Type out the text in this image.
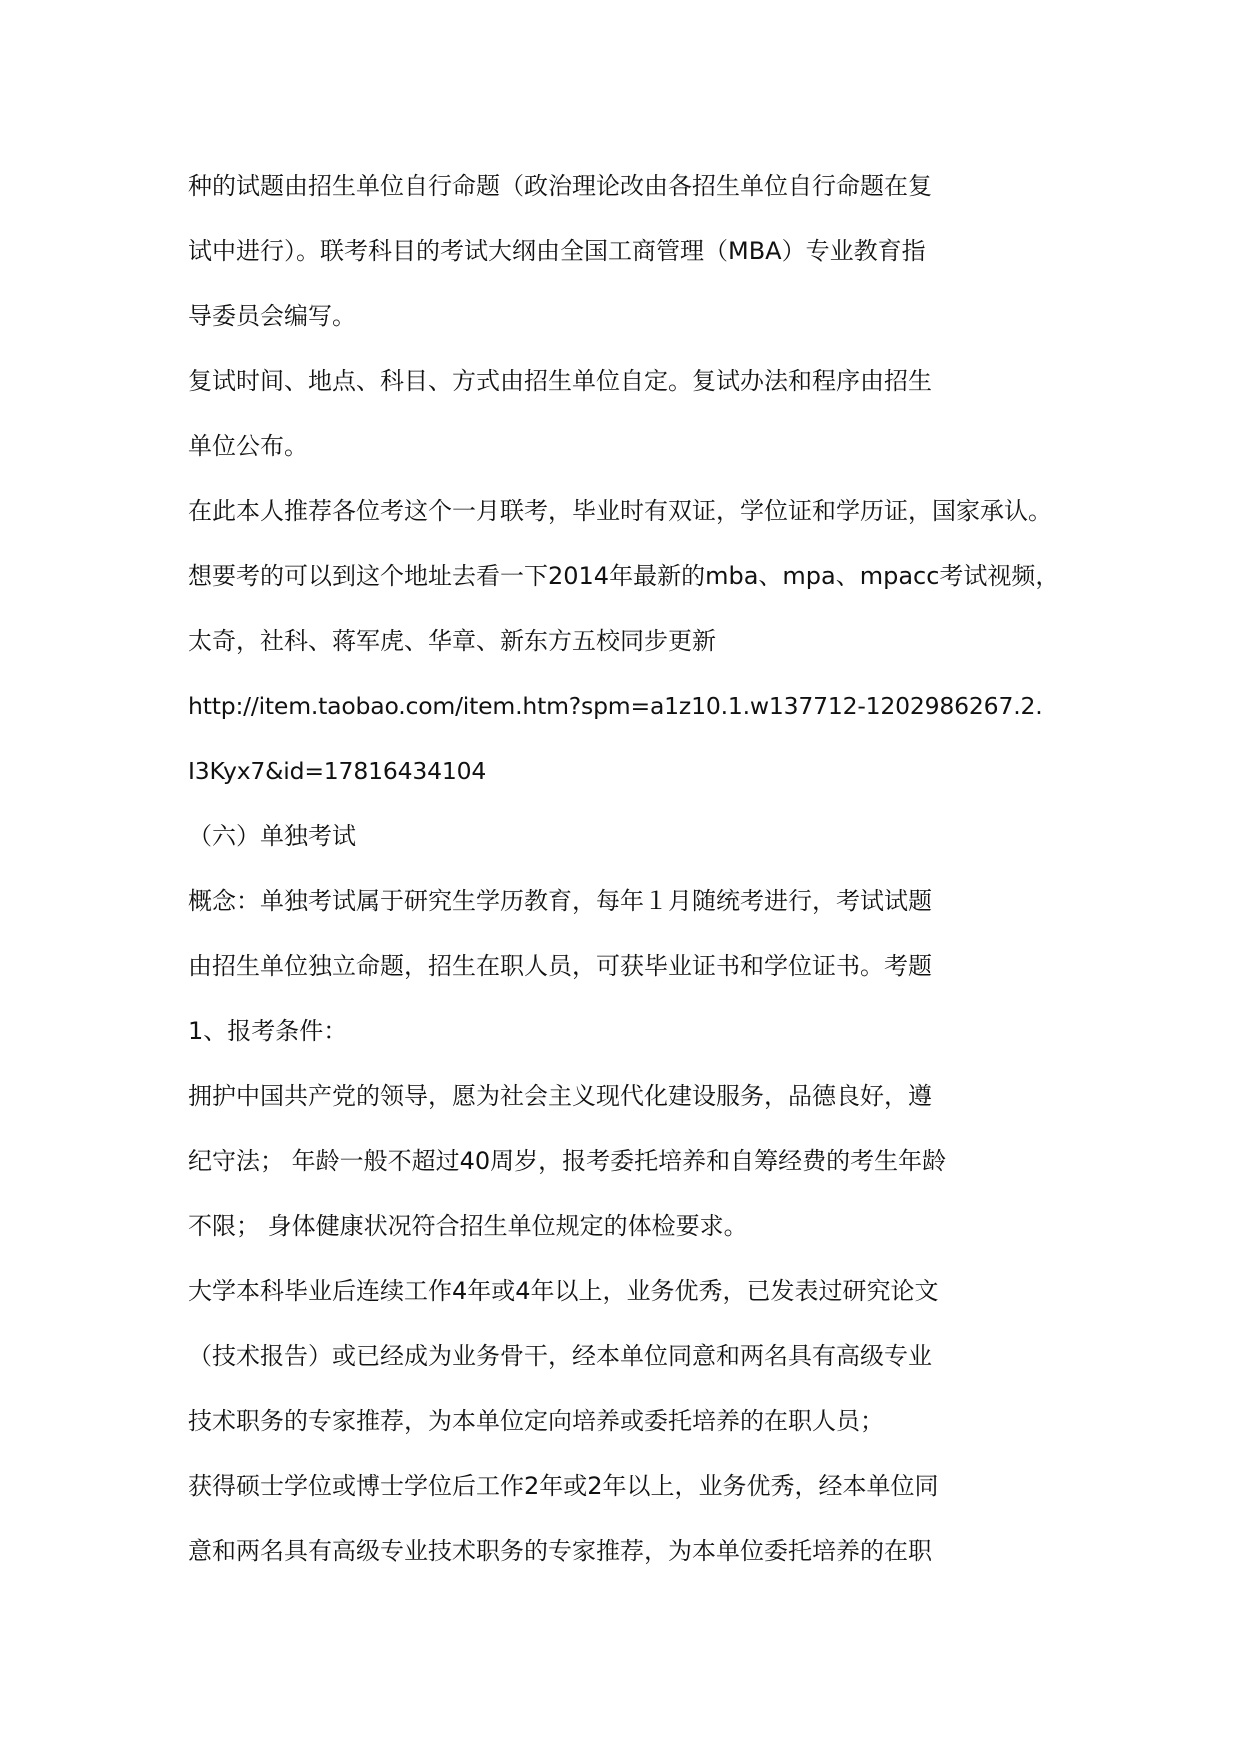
种的试题由招生单位自行命题（政治理论改由各招生单位自行命题在复
试中进行）。联考科目的考试大纲由全国工商管理（MBA）专业教育指
导委员会编写。
复试时间、地点、科目、方式由招生单位自定。复试办法和程序由招生
单位公布。
在此本人推荐各位考这个一月联考，毕业时有双证，学位证和学历证，国家承认。
想要考的可以到这个地址去看一下2014年最新的mba、mpa、mpacc考试视频，
太奇，社科、蒋军虎、华章、新东方五校同步更新
http://item.taobao.com/item.htm?spm=a1z10.1.w137712-1202986267.2.
I3Kyx7&id=17816434104
（六）单独考试
概念：单独考试属于研究生学历教育，每年１月随统考进行，考试试题
由招生单位独立命题，招生在职人员，可获毕业证书和学位证书。考题
1、报考条件：
拥护中国共产党的领导，愿为社会主义现代化建设服务，品德良好，遵
纪守法； 年龄一般不超过40周岁，报考委托培养和自筹经费的考生年龄
不限； 身体健康状况符合招生单位规定的体检要求。
大学本科毕业后连续工作4年或4年以上，业务优秀，已发表过研究论文
（技术报告）或已经成为业务骨干，经本单位同意和两名具有高级专业
技术职务的专家推荐，为本单位定向培养或委托培养的在职人员；
获得硕士学位或博士学位后工作2年或2年以上，业务优秀，经本单位同
意和两名具有高级专业技术职务的专家推荐，为本单位委托培养的在职
